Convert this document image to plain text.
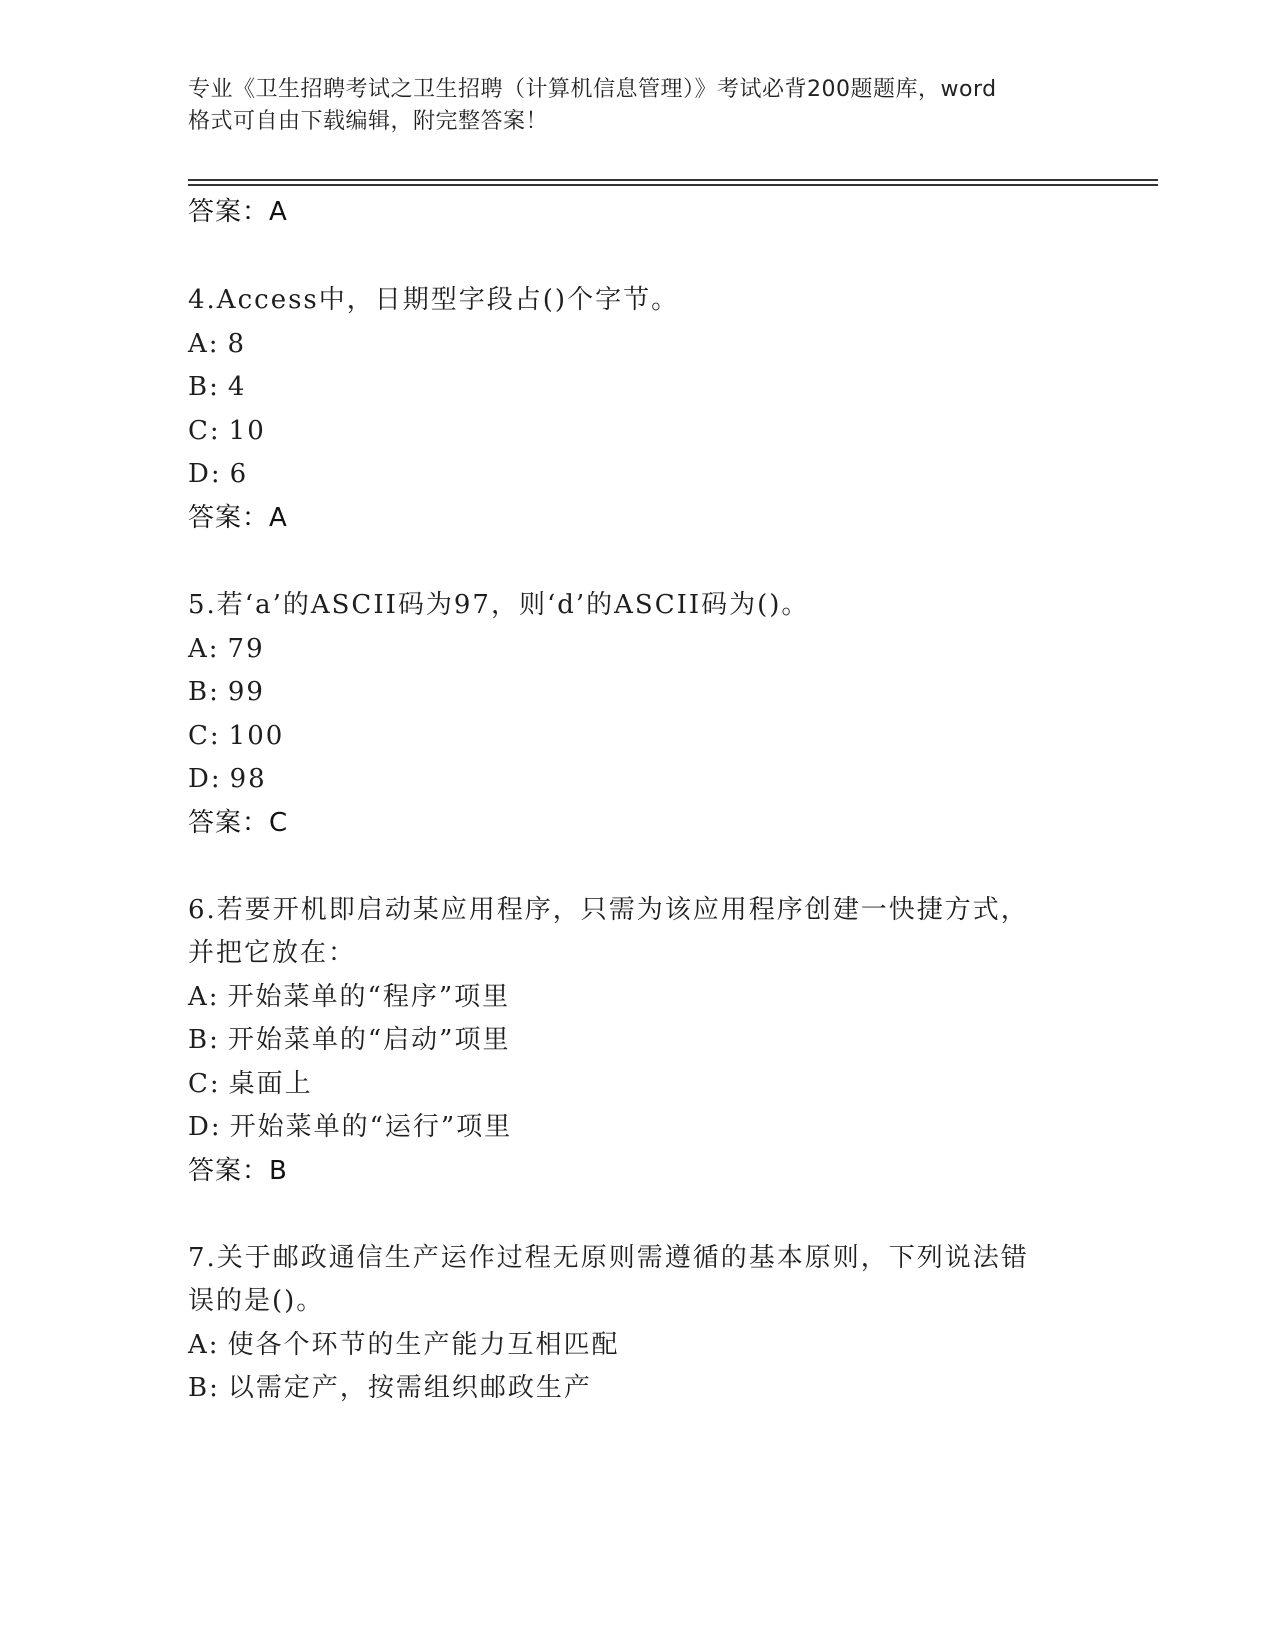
专业《卫生招聘考试之卫生招聘（计算机信息管理）》考试必背200题题库，word
格式可自由下载编辑，附完整答案！
答案：A
4.Access中，日期型字段占()个字节。
A: 8
B: 4
C: 10
D: 6
答案：A
5.若‘a’的ASCII码为97，则‘d’的ASCII码为()。
A: 79
B: 99
C: 100
D: 98
答案：C
6.若要开机即启动某应用程序，只需为该应用程序创建一快捷方式，
并把它放在：
A: 开始菜单的“程序”项里
B: 开始菜单的“启动”项里
C: 桌面上
D: 开始菜单的“运行”项里
答案：B
7.关于邮政通信生产运作过程无原则需遵循的基本原则，下列说法错
误的是()。
A: 使各个环节的生产能力互相匹配
B: 以需定产，按需组织邮政生产
